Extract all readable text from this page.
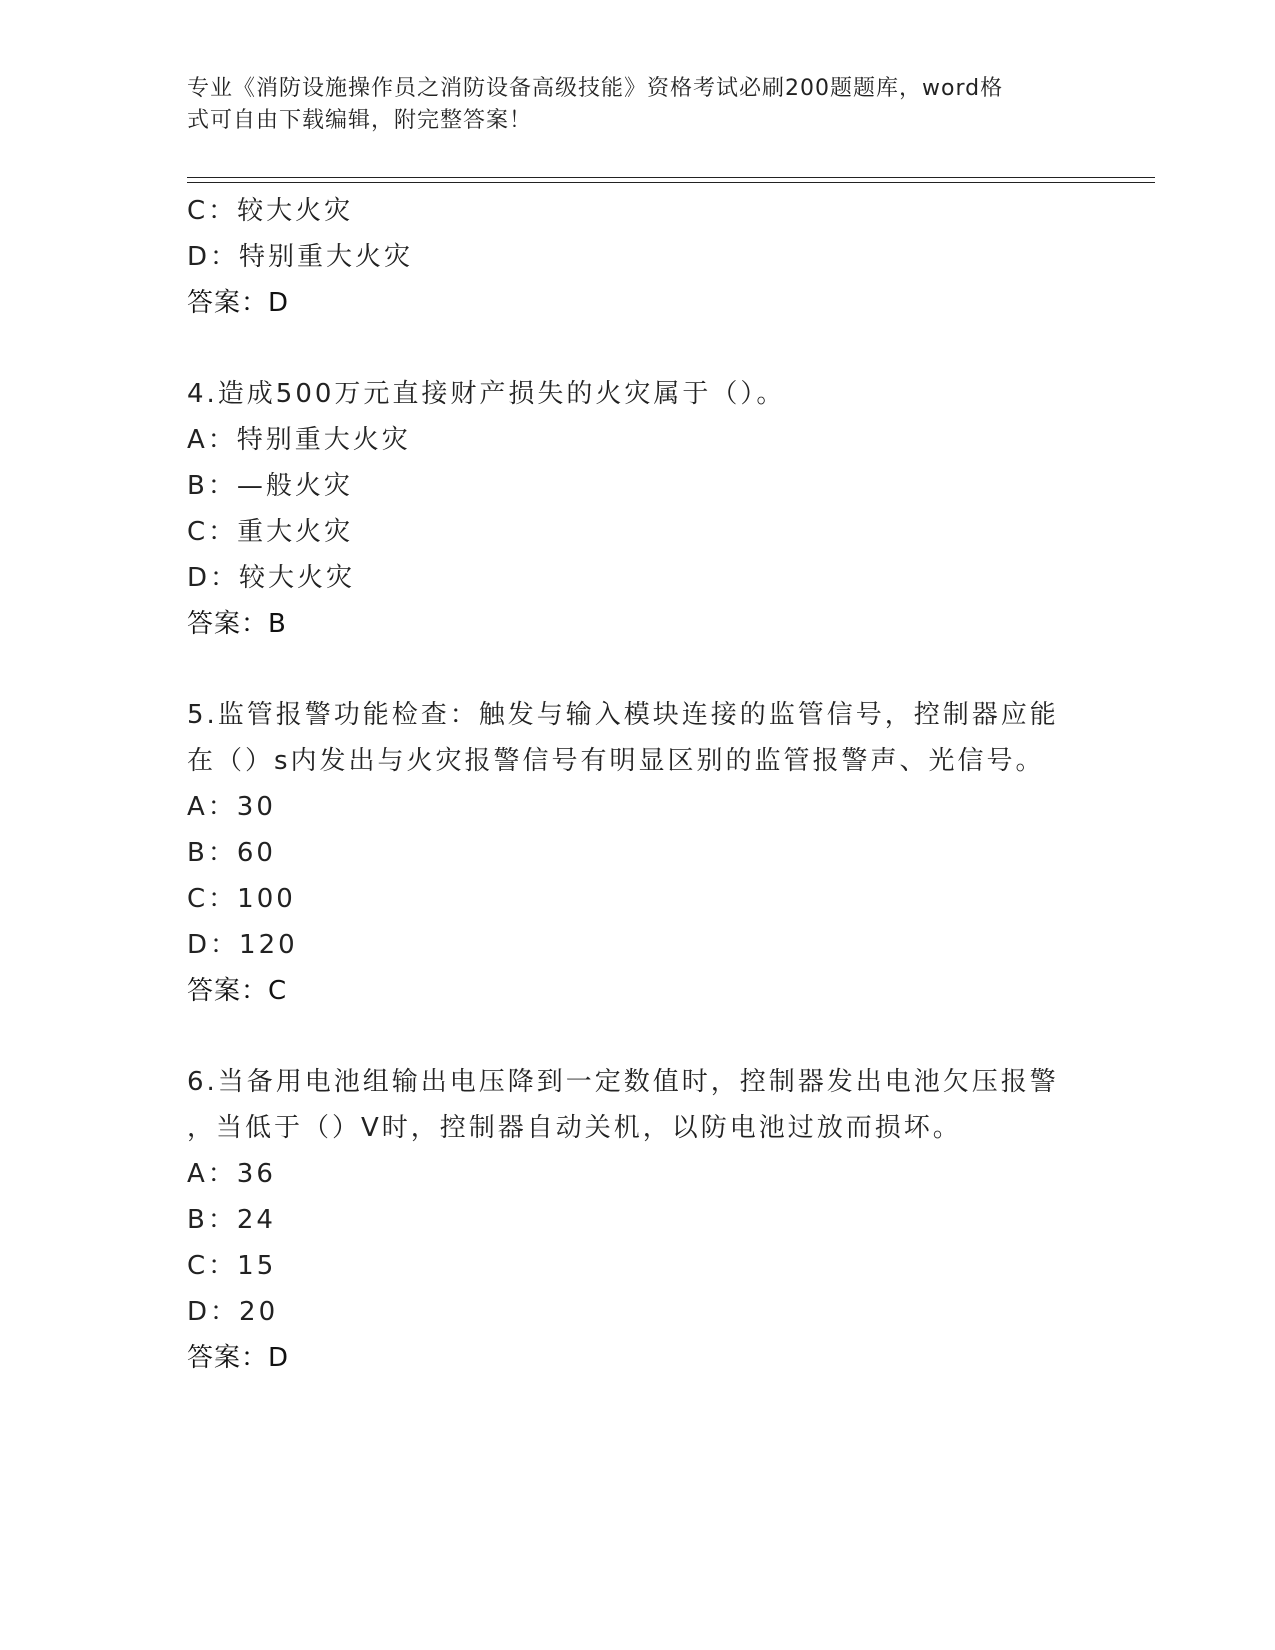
专业《消防设施操作员之消防设备高级技能》资格考试必刷200题题库，word格
式可自由下载编辑，附完整答案！
C：较大火灾
D：特别重大火灾
答案：D
4.造成500万元直接财产损失的火灾属于（）。
A：特别重大火灾
B：—般火灾
C：重大火灾
D：较大火灾
答案：B
5.监管报警功能检查：触发与输入模块连接的监管信号，控制器应能
在（）s内发出与火灾报警信号有明显区别的监管报警声、光信号。
A：30
B：60
C：100
D：120
答案：C
6.当备用电池组输出电压降到一定数值时，控制器发出电池欠压报警
，当低于（）V时，控制器自动关机，以防电池过放而损坏。
A：36
B：24
C：15
D：20
答案：D
